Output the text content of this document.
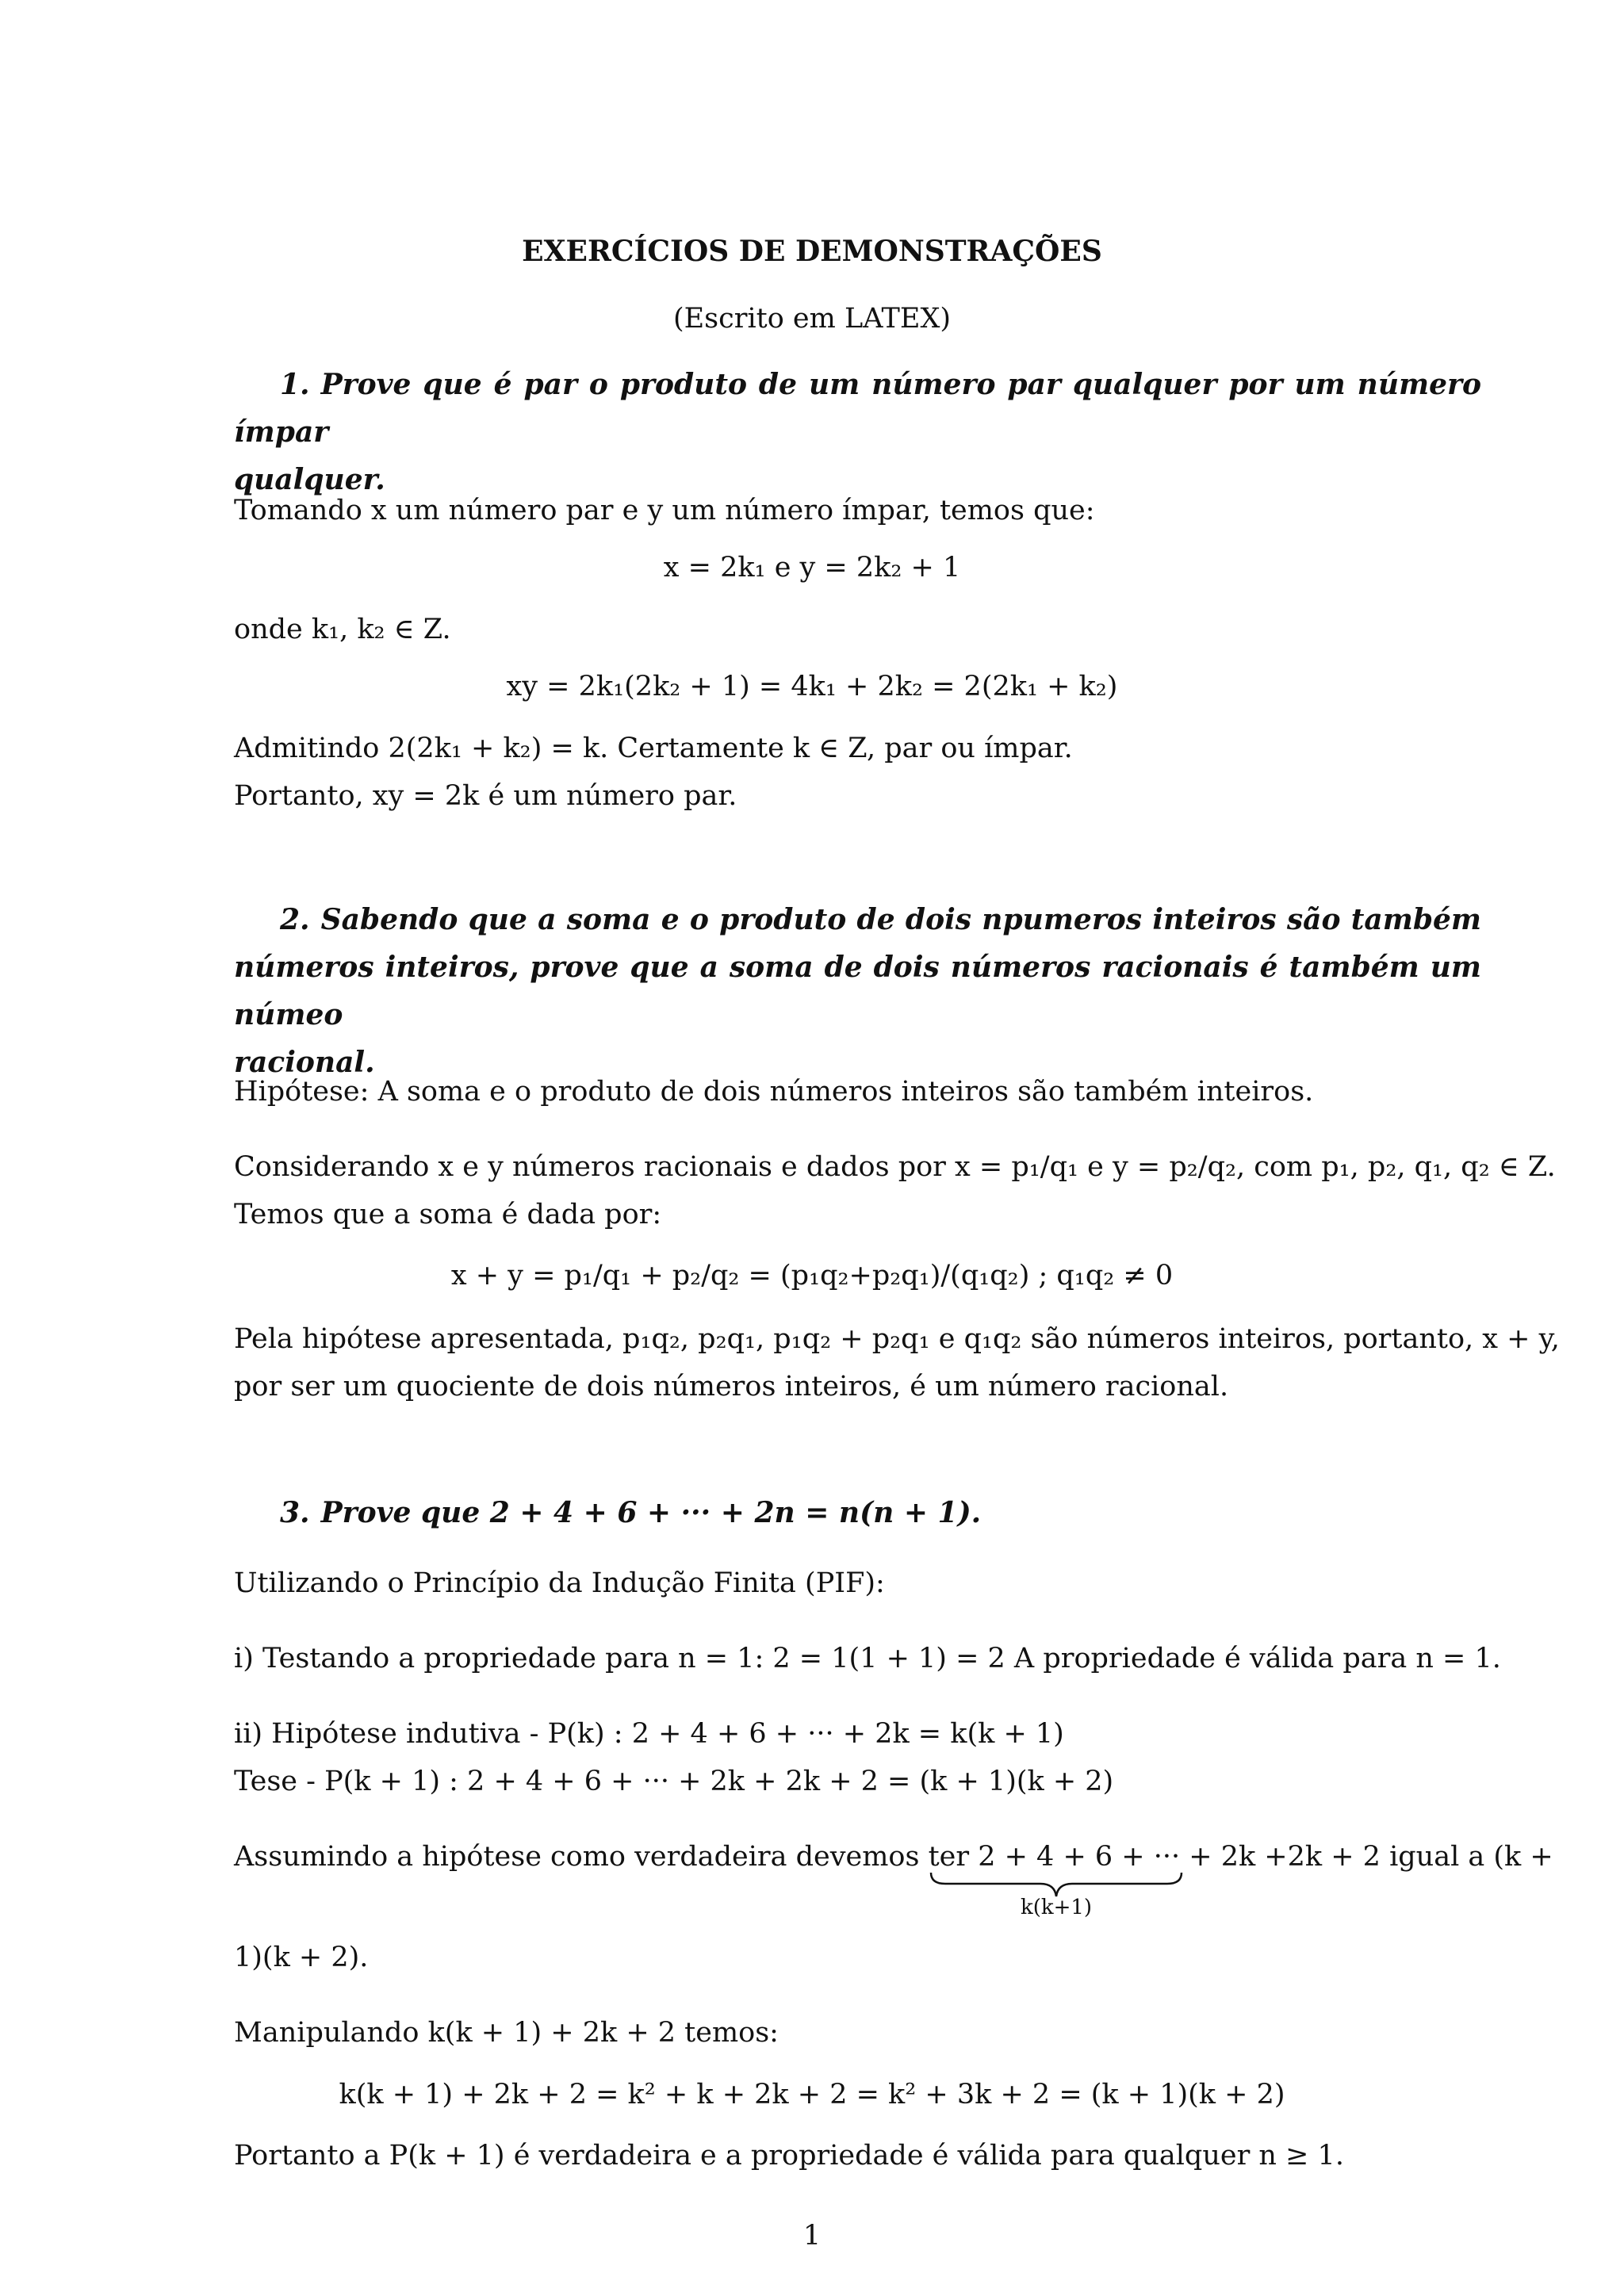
EXERCÍCIOS DE DEMONSTRAÇÕES
(Escrito em LATEX)
1. Prove que é par o produto de um número par qualquer por um número ímpar
qualquer.
Tomando x um número par e y um número ímpar, temos que:
x = 2k₁ e y = 2k₂ + 1
onde k₁, k₂ ∈ Z.
xy = 2k₁(2k₂ + 1) = 4k₁ + 2k₂ = 2(2k₁ + k₂)
Admitindo 2(2k₁ + k₂) = k. Certamente k ∈ Z, par ou ímpar.
Portanto, xy = 2k é um número par.
2. Sabendo que a soma e o produto de dois npumeros inteiros são também
números inteiros, prove que a soma de dois números racionais é também um númeo
racional.
Hipótese: A soma e o produto de dois números inteiros são também inteiros.
Considerando x e y números racionais e dados por x = p₁/q₁ e y = p₂/q₂, com p₁, p₂, q₁, q₂ ∈ Z.
Temos que a soma é dada por:
x + y = p₁/q₁ + p₂/q₂ = (p₁q₂+p₂q₁)/(q₁q₂) ; q₁q₂ ≠ 0
Pela hipótese apresentada, p₁q₂, p₂q₁, p₁q₂ + p₂q₁ e q₁q₂ são números inteiros, portanto, x + y,
por ser um quociente de dois números inteiros, é um número racional.
3. Prove que 2 + 4 + 6 + ··· + 2n = n(n + 1).
Utilizando o Princípio da Indução Finita (PIF):
i) Testando a propriedade para n = 1: 2 = 1(1 + 1) = 2 A propriedade é válida para n = 1.
ii) Hipótese indutiva - P(k) : 2 + 4 + 6 + ··· + 2k = k(k + 1)
Tese - P(k + 1) : 2 + 4 + 6 + ··· + 2k + 2k + 2 = (k + 1)(k + 2)
Assumindo a hipótese como verdadeira devemos ter 2 + 4 + 6 + ··· + 2k +2k + 2 igual a (k +
k(k+1)
1)(k + 2).
Manipulando k(k + 1) + 2k + 2 temos:
k(k + 1) + 2k + 2 = k² + k + 2k + 2 = k² + 3k + 2 = (k + 1)(k + 2)
Portanto a P(k + 1) é verdadeira e a propriedade é válida para qualquer n ≥ 1.
1
